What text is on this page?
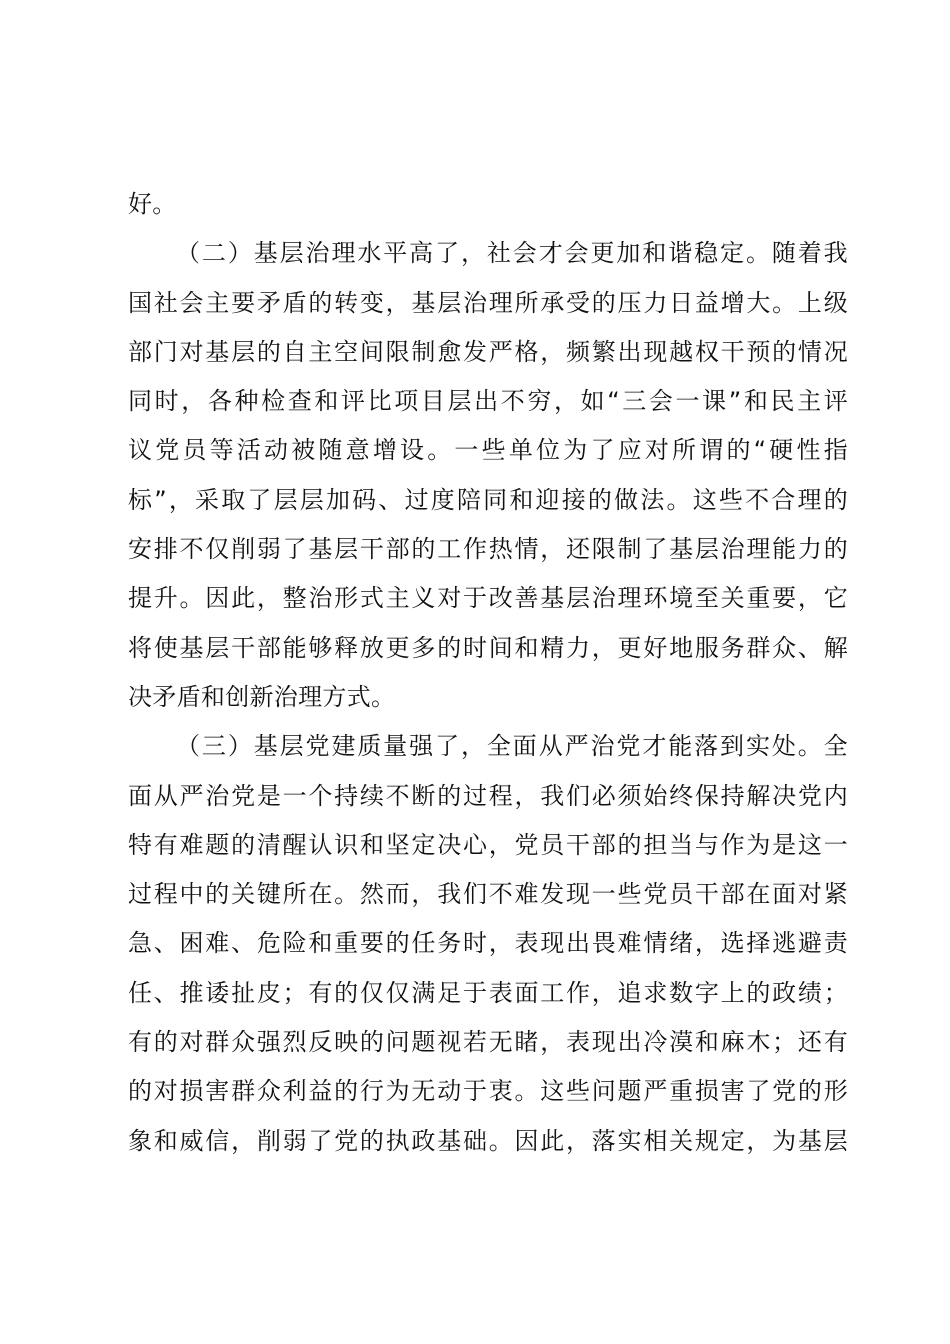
好。
（二）基层治理水平高了，社会才会更加和谐稳定。随着我
国社会主要矛盾的转变，基层治理所承受的压力日益增大。上级
部门对基层的自主空间限制愈发严格，频繁出现越权干预的情况
同时，各种检查和评比项目层出不穷，如“三会一课”和民主评
议党员等活动被随意增设。一些单位为了应对所谓的“硬性指
标”，采取了层层加码、过度陪同和迎接的做法。这些不合理的
安排不仅削弱了基层干部的工作热情，还限制了基层治理能力的
提升。因此，整治形式主义对于改善基层治理环境至关重要，它
将使基层干部能够释放更多的时间和精力，更好地服务群众、解
决矛盾和创新治理方式。
（三）基层党建质量强了，全面从严治党才能落到实处。全
面从严治党是一个持续不断的过程，我们必须始终保持解决党内
特有难题的清醒认识和坚定决心，党员干部的担当与作为是这一
过程中的关键所在。然而，我们不难发现一些党员干部在面对紧
急、困难、危险和重要的任务时，表现出畏难情绪，选择逃避责
任、推诿扯皮；有的仅仅满足于表面工作，追求数字上的政绩；
有的对群众强烈反映的问题视若无睹，表现出冷漠和麻木；还有
的对损害群众利益的行为无动于衷。这些问题严重损害了党的形
象和威信，削弱了党的执政基础。因此，落实相关规定，为基层
